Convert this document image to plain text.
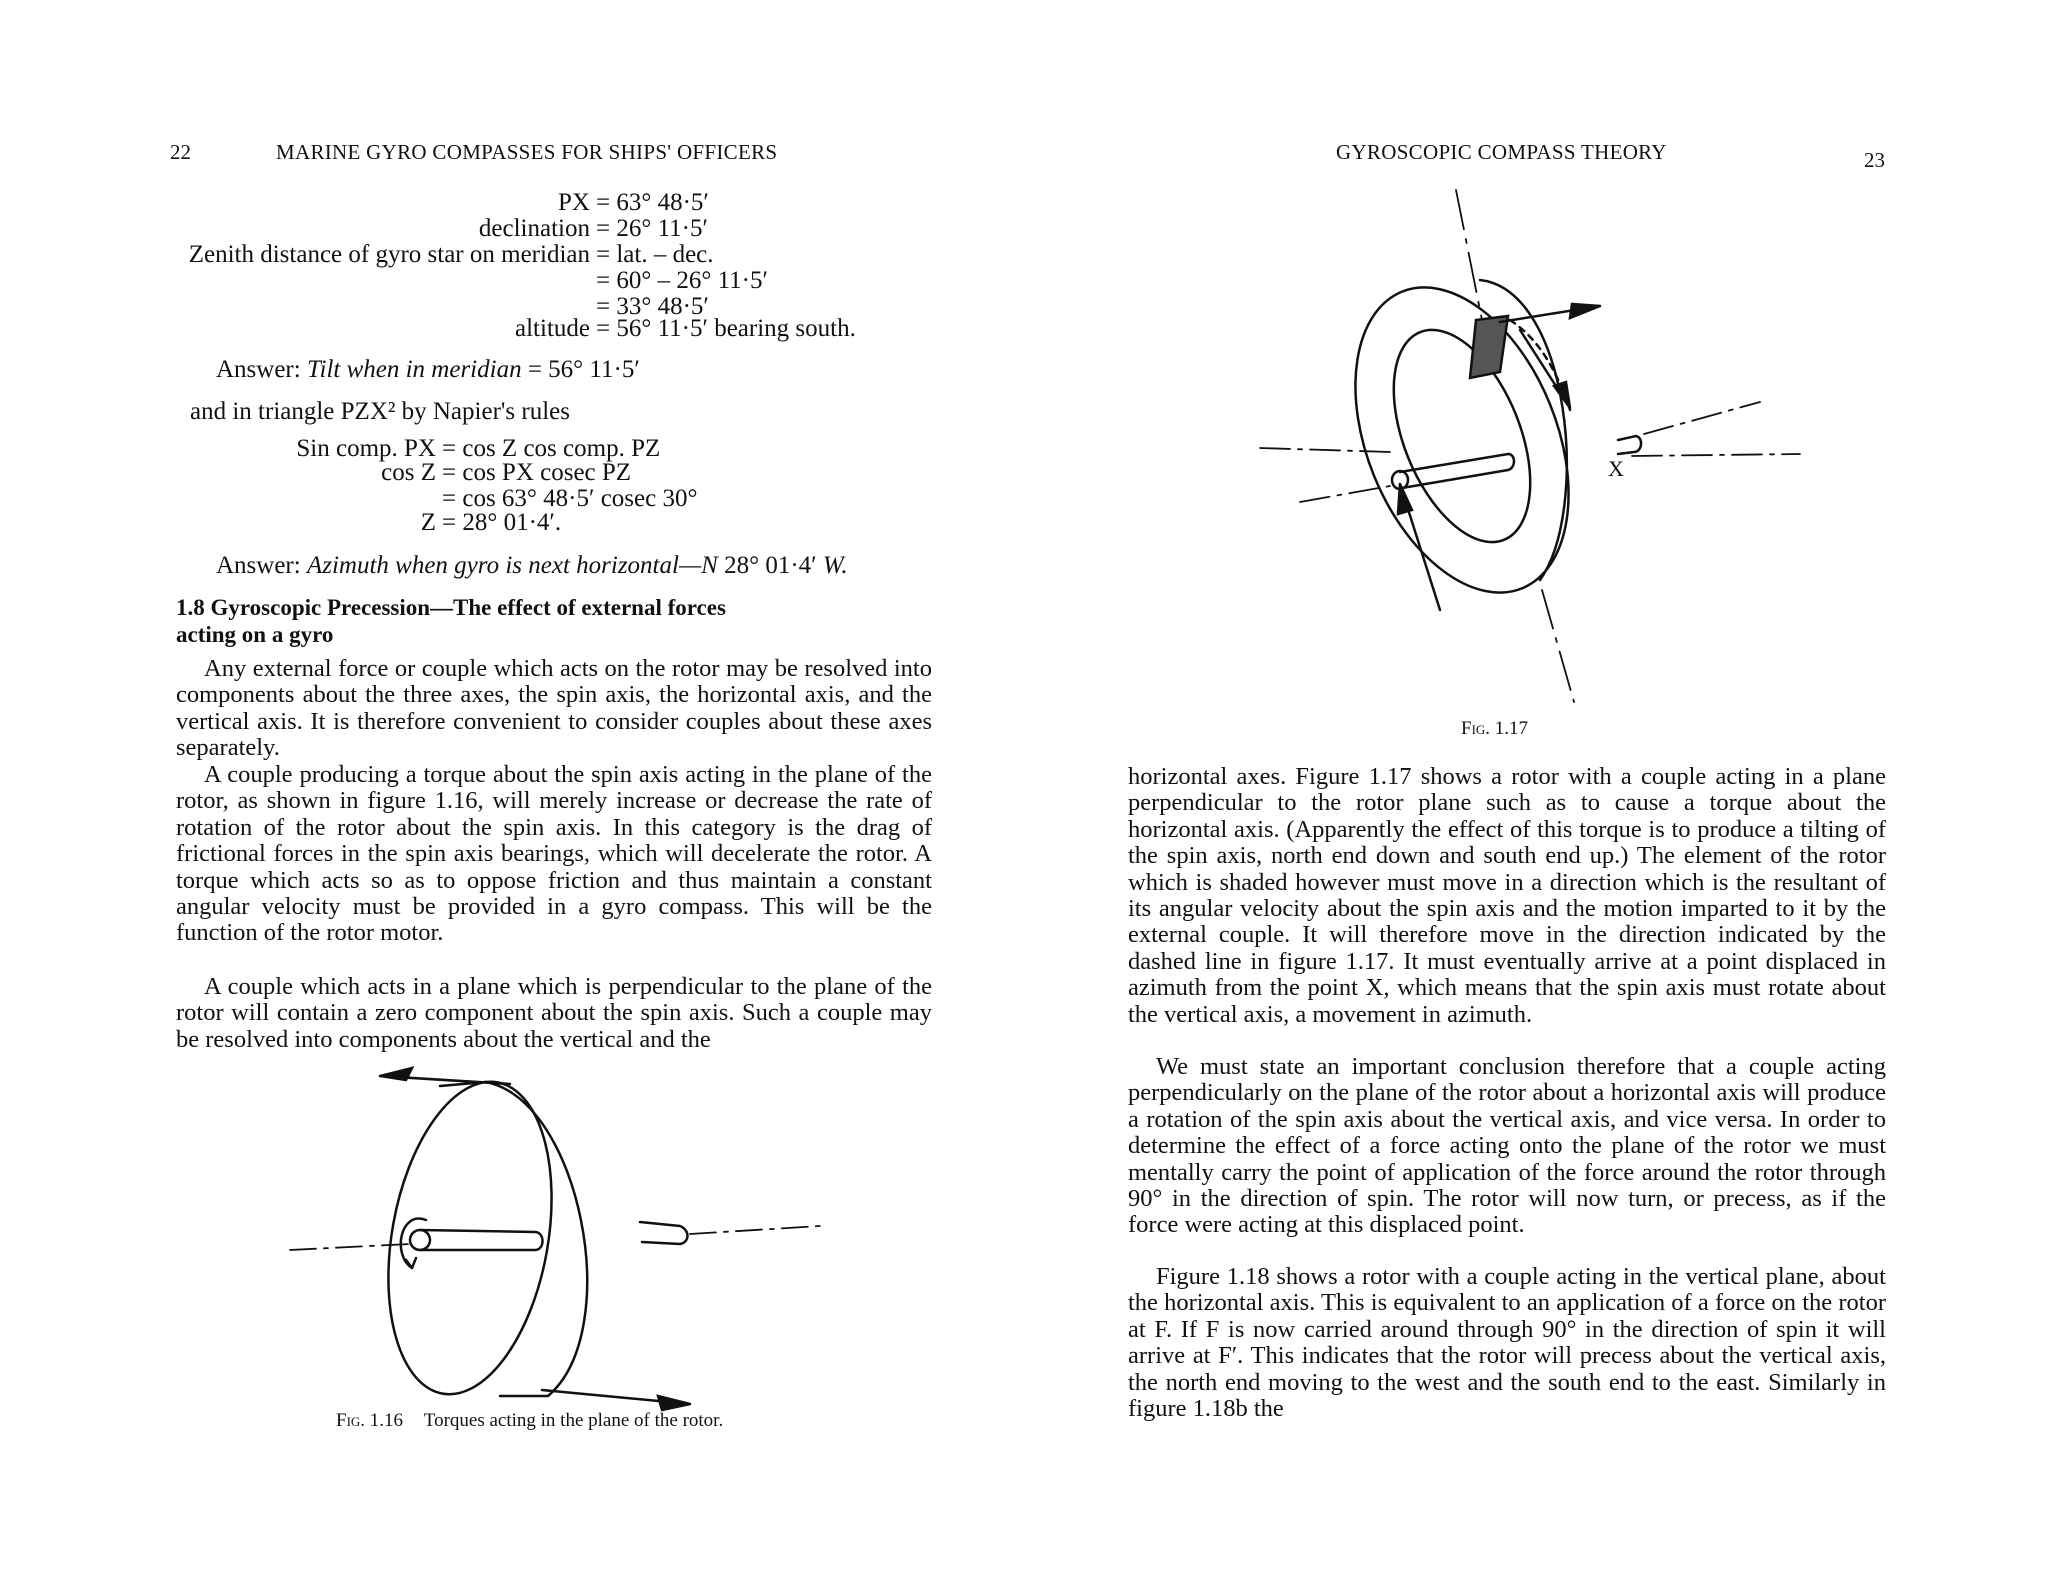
22	MARINE GYRO COMPASSES FOR SHIPS' OFFICERS
PX = 63° 48·5′
declination = 26° 11·5′
Zenith distance of gyro star on meridian = lat. – dec.
= 60° – 26° 11·5′
= 33° 48·5′
altitude = 56° 11·5′ bearing south.
Answer: Tilt when in meridian = 56° 11·5′
and in triangle PZX² by Napier's rules
Sin comp. PX = cos Z cos comp. PZ
cos Z = cos PX cosec PZ
= cos 63° 48·5′ cosec 30°
Z = 28° 01·4′.
Answer: Azimuth when gyro is next horizontal—N 28° 01·4′ W.
1.8 Gyroscopic Precession—The effect of external forces
acting on a gyro
Any external force or couple which acts on the rotor may be resolved into components about the three axes, the spin axis, the horizontal axis, and the vertical axis. It is therefore convenient to consider couples about these axes separately.
A couple producing a torque about the spin axis acting in the plane of the rotor, as shown in figure 1.16, will merely increase or decrease the rate of rotation of the rotor about the spin axis. In this category is the drag of frictional forces in the spin axis bearings, which will decelerate the rotor. A torque which acts so as to oppose friction and thus maintain a constant angular velocity must be provided in a gyro compass. This will be the function of the rotor motor.
A couple which acts in a plane which is perpendicular to the plane of the rotor will contain a zero component about the spin axis. Such a couple may be resolved into components about the vertical and the
Fig. 1.16 Torques acting in the plane of the rotor.
GYROSCOPIC COMPASS THEORY	23
X
Fig. 1.17
horizontal axes. Figure 1.17 shows a rotor with a couple acting in a plane perpendicular to the rotor plane such as to cause a torque about the horizontal axis. (Apparently the effect of this torque is to produce a tilting of the spin axis, north end down and south end up.) The element of the rotor which is shaded however must move in a direction which is the resultant of its angular velocity about the spin axis and the motion imparted to it by the external couple. It will therefore move in the direction indicated by the dashed line in figure 1.17. It must eventually arrive at a point displaced in azimuth from the point X, which means that the spin axis must rotate about the vertical axis, a movement in azimuth.
We must state an important conclusion therefore that a couple acting perpendicularly on the plane of the rotor about a horizontal axis will produce a rotation of the spin axis about the vertical axis, and vice versa. In order to determine the effect of a force acting onto the plane of the rotor we must mentally carry the point of application of the force around the rotor through 90° in the direction of spin. The rotor will now turn, or precess, as if the force were acting at this displaced point.
Figure 1.18 shows a rotor with a couple acting in the vertical plane, about the horizontal axis. This is equivalent to an application of a force on the rotor at F. If F is now carried around through 90° in the direction of spin it will arrive at F′. This indicates that the rotor will precess about the vertical axis, the north end moving to the west and the south end to the east. Similarly in figure 1.18b the
